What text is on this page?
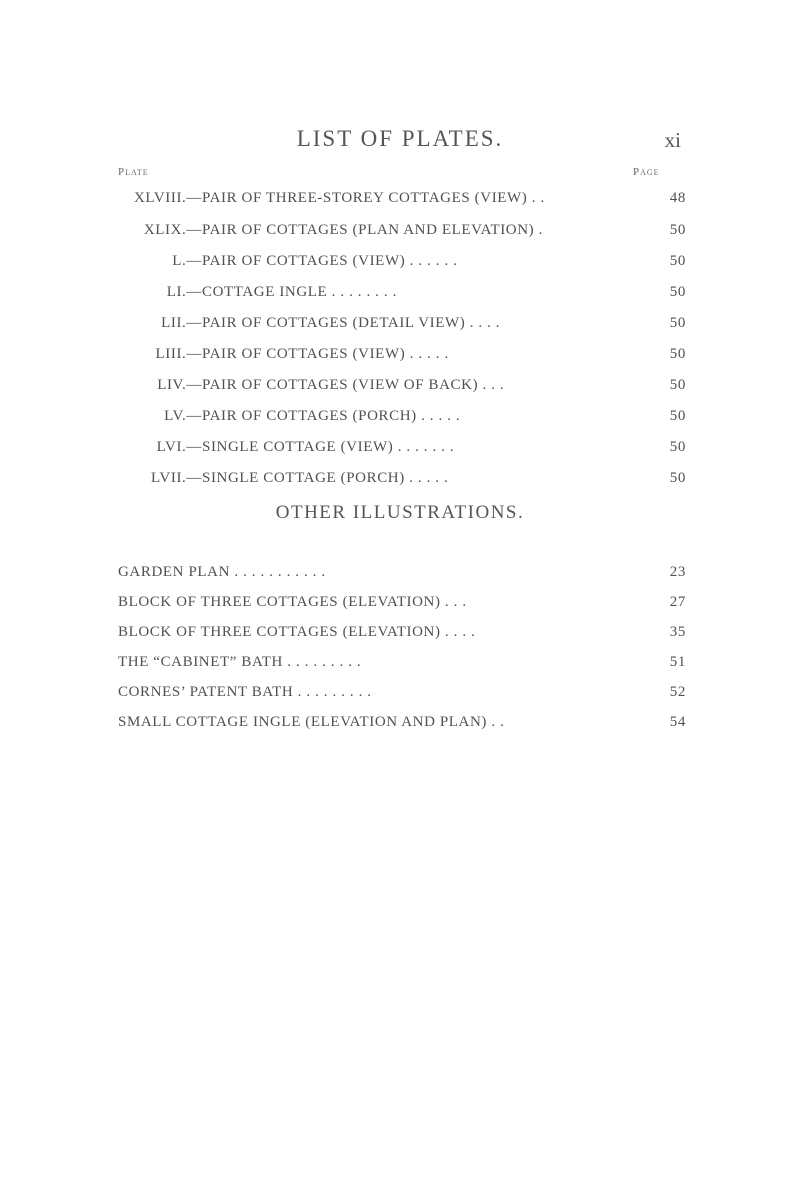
LIST OF PLATES.	xi
Plate	Page
XLVIII.— PAIR OF THREE-STOREY COTTAGES (VIEW) . .	48
XLIX.— PAIR OF COTTAGES (PLAN AND ELEVATION) .	50
L.— PAIR OF COTTAGES (VIEW) . . . . . .	50
LI.— COTTAGE INGLE . . . . . . . .	50
LII.— PAIR OF COTTAGES (DETAIL VIEW) . . . .	50
LIII.— PAIR OF COTTAGES (VIEW) . . . . .	50
LIV.— PAIR OF COTTAGES (VIEW OF BACK) . . .	50
LV.— PAIR OF COTTAGES (PORCH) . . . . .	50
LVI.— SINGLE COTTAGE (VIEW) . . . . . . .	50
LVII.— SINGLE COTTAGE (PORCH) . . . . .	50
OTHER ILLUSTRATIONS.
GARDEN PLAN . . . . . . . . . . .	23
BLOCK OF THREE COTTAGES (ELEVATION) . . .	27
BLOCK OF THREE COTTAGES (ELEVATION) . . . .	35
THE “CABINET” BATH . . . . . . . . .	51
CORNES’ PATENT BATH . . . . . . . . .	52
SMALL COTTAGE INGLE (ELEVATION AND PLAN) . .	54
